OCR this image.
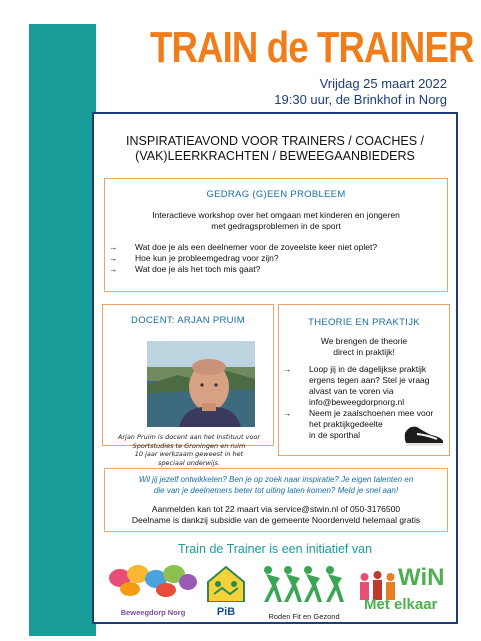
TRAIN de TRAINER
Vrijdag 25 maart 2022
19:30 uur, de Brinkhof in Norg
INSPIRATIEAVOND VOOR TRAINERS / COACHES /
(VAK)LEERKRACHTEN / BEWEEGAANBIEDERS
GEDRAG (G)EEN PROBLEEM
Interactieve workshop over het omgaan met kinderen en jongeren
met gedragsproblemen in de sport
→ Wat doe je als een deelnemer voor de zoveelste keer niet oplet?
→ Hoe kun je probleemgedrag voor zijn?
→ Wat doe je als het toch mis gaat?
DOCENT: ARJAN PRUIM
Arjan Pruim is docent aan het Instituut voor
Sportstudies te Groningen en ruim
10 jaar werkzaam geweest in het
speciaal onderwijs.
THEORIE EN PRAKTIJK
We brengen de theorie
direct in praktijk!
→ Loop jij in de dagelijkse praktijk
ergens tegen aan? Stel je vraag
alvast van te voren via
info@beweegdorpnorg.nl
→ Neem je zaalschoenen mee voor
het praktijkgedeelte
in de sporthal
Wil jij jezelf ontwikkelen? Ben je op zoek naar inspiratie? Je eigen talenten en
die van je deelnemers beter tot uiting laten komen? Meld je snel aan!
Aanmelden kan tot 22 maart via service@stwin.nl of 050-3176500
Deelname is dankzij subsidie van de gemeente Noordenveld helemaal gratis
Train de Trainer is een initiatief van
Beweegdorp Norg	PiB	Roden Fit en Gezond
WiN
Met elkaar
